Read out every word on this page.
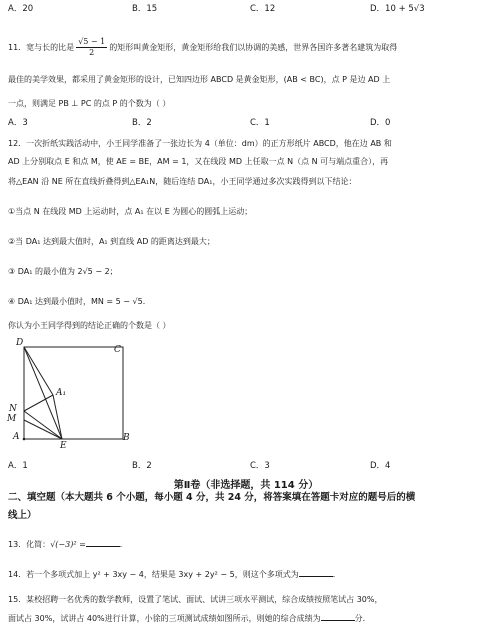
A．20	B．15	C．12	D．10 + 5√3
11．宽与长的比是 $\frac{√5 - 1}{2}$ 的矩形叫黄金矩形，黄金矩形给我们以协调的美感，世界各国许多著名建筑为取得
最佳的美学效果，都采用了黄金矩形的设计，已知四边形 ABCD 是黄金矩形，(AB < BC)，点 P 是边 AD 上
一点，则满足 PB ⊥ PC 的点 P 的个数为（ ）
A．3	B．2	C．1	D．0
12．一次折纸实践活动中，小王同学准备了一张边长为 4（单位：dm）的正方形纸片 ABCD，他在边 AB 和
AD 上分别取点 E 和点 M，使 AE = BE，AM = 1，又在线段 MD 上任取一点 N（点 N 可与端点重合），再
将△EAN 沿 NE 所在直线折叠得到△EA₁N，随后连结 DA₁，小王同学通过多次实践得到以下结论：
①当点 N 在线段 MD 上运动时，点 A₁ 在以 E 为圆心的圆弧上运动；
②当 DA₁ 达到最大值时，A₁ 到直线 AD 的距离达到最大；
③ DA₁ 的最小值为 2√5 − 2；
④ DA₁ 达到最小值时，MN = 5 − √5．
你认为小王同学得到的结论正确的个数是（ ）
D
C
A₁
N
M
A
E
B
A．1	B．2	C．3	D．4
第Ⅱ卷（非选择题，共 114 分）
二、填空题（本大题共 6 个小题，每小题 4 分，共 24 分，将答案填在答题卡对应的题号后的横
线上）
13．化简：√(−3)² =	．
14．若一个多项式加上 y² + 3xy − 4，结果是 3xy + 2y² − 5，则这个多项式为	．
15．某校招聘一名优秀的数学教师，设置了笔试、面试、试讲三项水平测试，综合成绩按照笔试占 30%，
面试占 30%，试讲占 40%进行计算，小徐的三项测试成绩如图所示，则她的综合成绩为	分．
